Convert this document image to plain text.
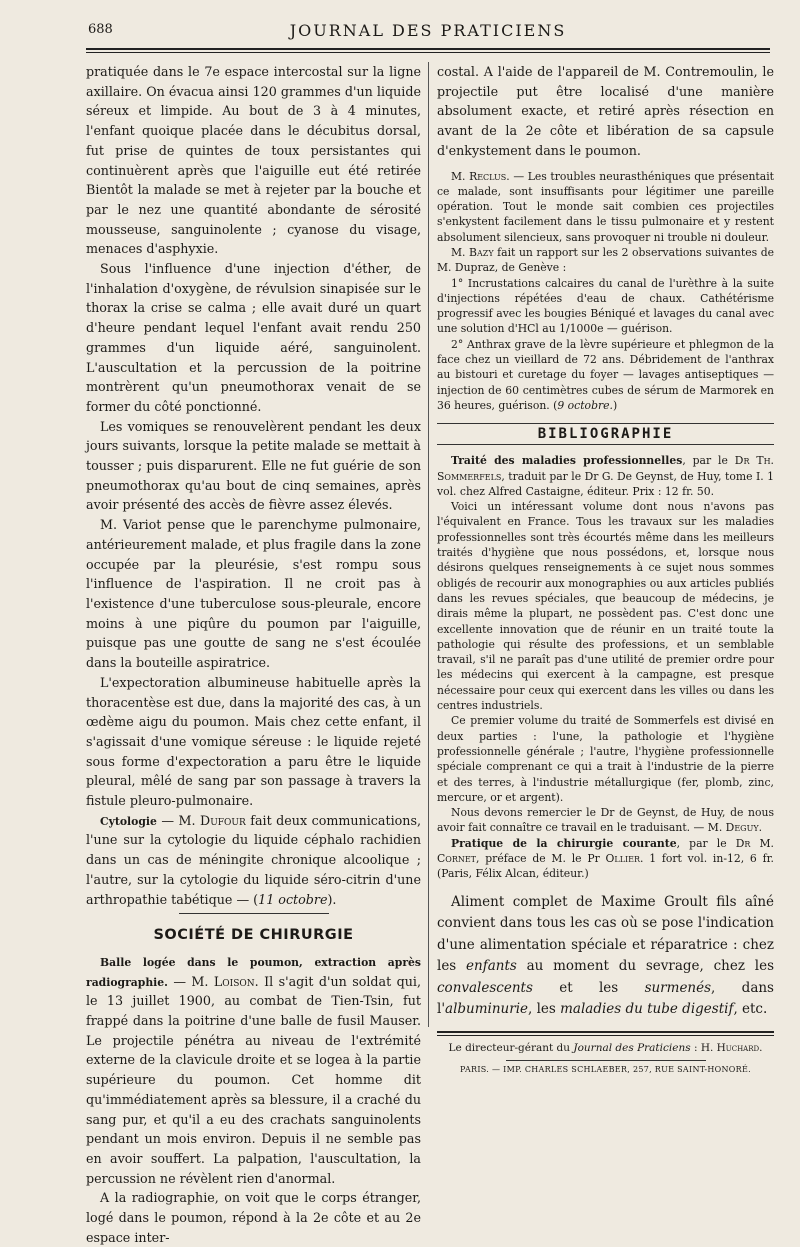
688	JOURNAL DES PRATICIENS

pratiquée dans le 7e espace intercostal sur la ligne axillaire. On évacua ainsi 120 grammes d'un liquide séreux et limpide. Au bout de 3 à 4 minutes, l'enfant quoique placée dans le décubitus dorsal, fut prise de quintes de toux persistantes qui continuèrent après que l'aiguille eut été retirée Bientôt la malade se met à rejeter par la bouche et par le nez une quantité abondante de sérosité mousseuse, sanguinolente ; cyanose du visage, menaces d'asphyxie.

Sous l'influence d'une injection d'éther, de l'inhalation d'oxygène, de révulsion sinapisée sur le thorax la crise se calma ; elle avait duré un quart d'heure pendant lequel l'enfant avait rendu 250 grammes d'un liquide aéré, sanguinolent. L'auscultation et la percussion de la poitrine montrèrent qu'un pneumothorax venait de se former du côté ponctionné.

Les vomiques se renouvelèrent pendant les deux jours suivants, lorsque la petite malade se mettait à tousser ; puis disparurent. Elle ne fut guérie de son pneumothorax qu'au bout de cinq semaines, après avoir présenté des accès de fièvre assez élevés.

M. Variot pense que le parenchyme pulmonaire, antérieurement malade, et plus fragile dans la zone occupée par la pleurésie, s'est rompu sous l'influence de l'aspiration. Il ne croit pas à l'existence d'une tuberculose sous-pleurale, encore moins à une piqûre du poumon par l'aiguille, puisque pas une goutte de sang ne s'est écoulée dans la bouteille aspiratrice.

L'expectoration albumineuse habituelle après la thoracentèse est due, dans la majorité des cas, à un œdème aigu du poumon. Mais chez cette enfant, il s'agissait d'une vomique séreuse : le liquide rejeté sous forme d'expectoration a paru être le liquide pleural, mêlé de sang par son passage à travers la fistule pleuro-pulmonaire.

Cytologie — M. Dufour fait deux communications, l'une sur la cytologie du liquide céphalo rachidien dans un cas de méningite chronique alcoolique ; l'autre, sur la cytologie du liquide séro-citrin d'une arthropathie tabétique — (11 octobre).

SOCIÉTÉ DE CHIRURGIE

Balle logée dans le poumon, extraction après radiographie. — M. Loison. Il s'agit d'un soldat qui, le 13 juillet 1900, au combat de Tien-Tsin, fut frappé dans la poitrine d'une balle de fusil Mauser. Le projectile pénétra au niveau de l'extrémité externe de la clavicule droite et se logea à la partie supérieure du poumon. Cet homme dit qu'immédiatement après sa blessure, il a craché du sang pur, et qu'il a eu des crachats sanguinolents pendant un mois environ. Depuis il ne semble pas en avoir souffert. La palpation, l'auscultation, la percussion ne révèlent rien d'anormal.

A la radiographie, on voit que le corps étranger, logé dans le poumon, répond à la 2e côte et au 2e espace inter-

costal. A l'aide de l'appareil de M. Contremoulin, le projectile put être localisé d'une manière absolument exacte, et retiré après résection en avant de la 2e côte et libération de sa capsule d'enkystement dans le poumon.

M. Reclus. — Les troubles neurasthéniques que présentait ce malade, sont insuffisants pour légitimer une pareille opération. Tout le monde sait combien ces projectiles s'enkystent facilement dans le tissu pulmonaire et y restent absolument silencieux, sans provoquer ni trouble ni douleur.

M. Bazy fait un rapport sur les 2 observations suivantes de M. Dupraz, de Genève :

1° Incrustations calcaires du canal de l'urèthre à la suite d'injections répétées d'eau de chaux. Cathétérisme progressif avec les bougies Béniqué et lavages du canal avec une solution d'HCl au 1/1000e — guérison.

2° Anthrax grave de la lèvre supérieure et phlegmon de la face chez un vieillard de 72 ans. Débridement de l'anthrax au bistouri et curetage du foyer — lavages antiseptiques — injection de 60 centimètres cubes de sérum de Marmorek en 36 heures, guérison. (9 octobre.)

BIBLIOGRAPHIE

Traité des maladies professionnelles, par le Dr Th. Sommerfels, traduit par le Dr G. De Geynst, de Huy, tome I. 1 vol. chez Alfred Castaigne, éditeur. Prix : 12 fr. 50.

Voici un intéressant volume dont nous n'avons pas l'équivalent en France. Tous les travaux sur les maladies professionnelles sont très écourtés même dans les meilleurs traités d'hygiène que nous possédons, et, lorsque nous désirons quelques renseignements à ce sujet nous sommes obligés de recourir aux monographies ou aux articles publiés dans les revues spéciales, que beaucoup de médecins, je dirais même la plupart, ne possèdent pas. C'est donc une excellente innovation que de réunir en un traité toute la pathologie qui résulte des professions, et un semblable travail, s'il ne paraît pas d'une utilité de premier ordre pour les médecins qui exercent à la campagne, est presque nécessaire pour ceux qui exercent dans les villes ou dans les centres industriels.

Ce premier volume du traité de Sommerfels est divisé en deux parties : l'une, la pathologie et l'hygiène professionnelle générale ; l'autre, l'hygiène professionnelle spéciale comprenant ce qui a trait à l'industrie de la pierre et des terres, à l'industrie métallurgique (fer, plomb, zinc, mercure, or et argent).

Nous devons remercier le Dr de Geynst, de Huy, de nous avoir fait connaître ce travail en le traduisant. — M. Deguy.

Pratique de la chirurgie courante, par le Dr M. Cornet, préface de M. le Pr Ollier. 1 fort vol. in-12, 6 fr. (Paris, Félix Alcan, éditeur.)

Aliment complet de Maxime Groult fils aîné convient dans tous les cas où se pose l'indication d'une alimentation spéciale et réparatrice : chez les enfants au moment du sevrage, chez les convalescents et les surmenés, dans l'albuminurie, les maladies du tube digestif, etc.

Le directeur-gérant du Journal des Praticiens : H. Huchard.
PARIS. — IMP. CHARLES SCHLAEBER, 257, RUE SAINT-HONORÉ.
